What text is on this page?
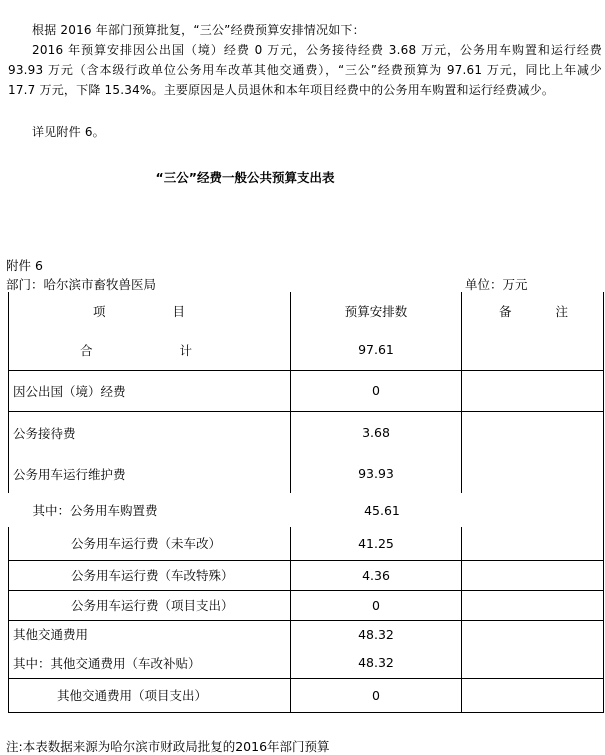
根据 2016 年部门预算批复，“三公”经费预算安排情况如下：

2016 年预算安排因公出国（境）经费 0 万元，公务接待经费 3.68 万元，公务用车购置和运行经费 93.93 万元（含本级行政单位公务用车改革其他交通费），“三公”经费预算为 97.61 万元，同比上年减少 17.7 万元，下降 15.34%。主要原因是人员退休和本年项目经费中的公务用车购置和运行经费减少。

详见附件 6。

“三公”经费一般公共预算支出表
附件 6
部门：哈尔滨市畜牧兽医局	单位：万元
项 目	预算安排数	备 注

合 计	97.61	
因公出国（境）经费	0	
公务接待费	3.68	
公务用车运行维护费	93.93	
其中：公务用车购置费	45.61	
公务用车运行费（未车改）	41.25	
公务用车运行费（车改特殊）	4.36	
公务用车运行费（项目支出）	0	
其他交通费用	48.32	
其中：其他交通费用（车改补贴）	48.32	
其他交通费用（项目支出）	0	
注:本表数据来源为哈尔滨市财政局批复的2016年部门预算
